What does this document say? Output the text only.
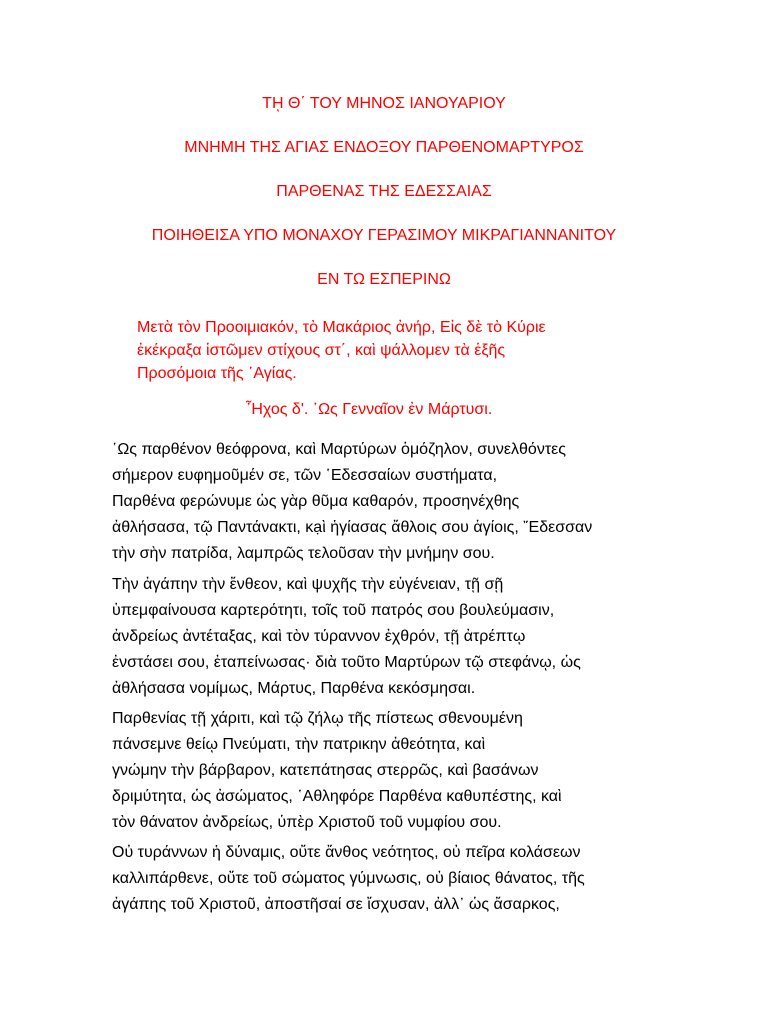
Τῌ Θ΄ ΤΟΥ ΜΗΝΟΣ ΙΑΝΟΥΑΡΙΟΥ
ΜΝΗΜΗ ΤΗΣ ΑΓΙΑΣ ΕΝΔΟΞΟΥ ΠΑΡΘΕΝΟΜΑΡΤΥΡΟΣ
ΠΑΡΘΕΝΑΣ ΤΗΣ ΕΔΕΣΣΑΙΑΣ
ΠΟΙΗΘΕΙΣΑ ΥΠΟ ΜΟΝΑΧΟΥ ΓΕΡΑΣΙΜΟΥ ΜΙΚΡΑΓΙΑΝΝΑΝΙΤΟΥ
ΕΝ ΤΩ ΕΣΠΕΡΙΝΩ

Μετὰ τὸν Προοιμιακόν, τὸ Μακάριος ἀνήρ, Εἰς δὲ τὸ Κύριε
ἐκέκραξα ἱστῶμεν στίχους στ΄, καὶ ψάλλομεν τὰ ἑξῆς
Προσόμοια τῆς ῾Αγίας.

῏Ηχος δ'. ῾Ως Γενναῖον ἐν Μάρτυσι.

῾Ως παρθένον θεόφρονα, καὶ Μαρτύρων ὁμόζηλον, συνελθόντες
σήμερον ευφημοῦμέν σε, τῶν ῾Εδεσσαίων συστήματα,
Παρθένα φερώνυμε ὡς γὰρ θῦμα καθαρόν, προσηνέχθης
ἀθλήσασα, τῷ Παντάνακτι, κạὶ ἡγίασας ἄθλοις σου ἁγίοις, ῎Εδεσσαν
τὴν σὴν πατρίδα, λαμπρῶς τελοῦσαν τὴν μνήμην σου.

Τὴν ἀγάπην τὴν ἔνθεον, καὶ ψυχῆς τὴν εὐγένειαν, τῇ σῇ
ὑπεμφαίνουσα καρτερότητι, τοῖς τοῦ πατρός σου βουλεύμασιν,
ἀνδρείως ἀντέταξας, καὶ τὸν τύραννον ἐχθρόν, τῇ ἀτρέπτῳ
ἐνστάσει σου, ἐταπείνωσας· διὰ τοῦτο Μαρτύρων τῷ στεφάνῳ, ὡς
ἀθλήσασα νομίμως, Μάρτυς, Παρθένα κεκόσμησαι.

Παρθενίας τῇ χάριτι, καὶ τῷ ζήλῳ τῆς πίστεως σθενουμένη
πάνσεμνε θείῳ Πνεύματι, τὴν πατρικην ἀθεότητα, καὶ
γνώμην τὴν βάρβαρον, κατεπάτησας στερρῶς, καὶ βασάνων
δριμύτητα, ὡς ἀσώματος, ῾Αθληφόρε Παρθένα καθυπέστης, καὶ
τὸν θάνατον ἀνδρείως, ὑπὲρ Χριστοῦ τοῦ νυμφίου σου.

Οὐ τυράννων ἡ δύναμις, οὔτε ἄνθος νεότητος, οὐ πεῖρα κολάσεων
καλλιπάρθενε, οὔτε τοῦ σώματος γύμνωσις, οὐ βίαιος θάνατος, τῆς
ἀγάπης τοῦ Χριστοῦ, ἀποστῆσαί σε ἴσχυσαν, ἀλλ᾽ ὡς ἄσαρκος,
